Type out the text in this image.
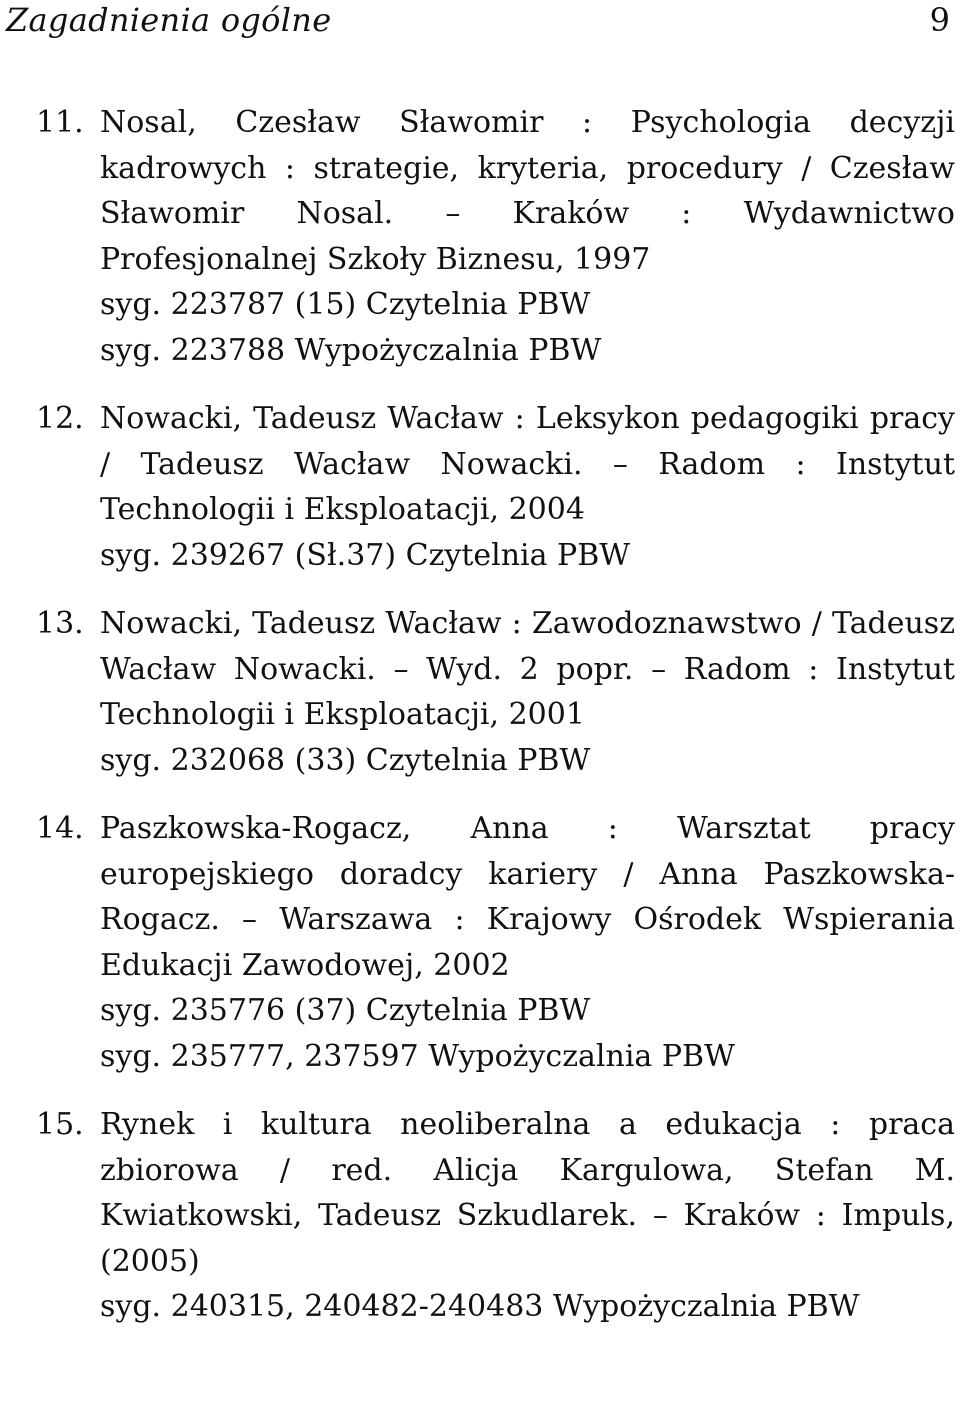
Zagadnienia ogólne	9
11. Nosal, Czesław Sławomir : Psychologia decyzji kadrowych : strategie, kryteria, procedury / Czesław Sławomir Nosal. – Kraków : Wydawnictwo Profesjonalnej Szkoły Biznesu, 1997
syg. 223787 (15) Czytelnia PBW
syg. 223788 Wypożyczalnia PBW
12. Nowacki, Tadeusz Wacław : Leksykon pedagogiki pracy / Tadeusz Wacław Nowacki. – Radom : Instytut Technologii i Eksploatacji, 2004
syg. 239267 (Sł.37) Czytelnia PBW
13. Nowacki, Tadeusz Wacław : Zawodoznawstwo / Tadeusz Wacław Nowacki. – Wyd. 2 popr. – Radom : Instytut Technologii i Eksploatacji, 2001
syg. 232068 (33) Czytelnia PBW
14. Paszkowska-Rogacz, Anna : Warsztat pracy europejskiego doradcy kariery / Anna Paszkowska-Rogacz. – Warszawa : Krajowy Ośrodek Wspierania Edukacji Zawodowej, 2002
syg. 235776 (37) Czytelnia PBW
syg. 235777, 237597 Wypożyczalnia PBW
15. Rynek i kultura neoliberalna a edukacja : praca zbiorowa / red. Alicja Kargulowa, Stefan M. Kwiatkowski, Tadeusz Szkudlarek. – Kraków : Impuls, (2005)
syg. 240315, 240482-240483 Wypożyczalnia PBW
